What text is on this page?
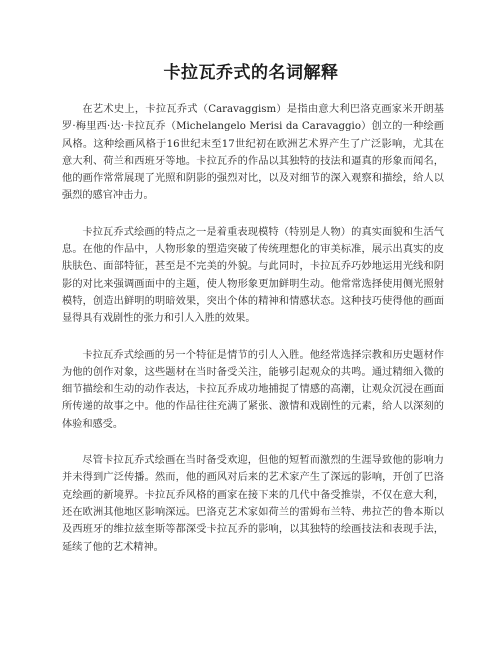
卡拉瓦乔式的名词解释

在艺术史上，卡拉瓦乔式（Caravaggism）是指由意大利巴洛克画家米开朗基罗·梅里西·达·卡拉瓦乔（Michelangelo Merisi da Caravaggio）创立的一种绘画风格。这种绘画风格于16世纪末至17世纪初在欧洲艺术界产生了广泛影响，尤其在意大利、荷兰和西班牙等地。卡拉瓦乔的作品以其独特的技法和逼真的形象而闻名，他的画作常常展现了光照和阴影的强烈对比，以及对细节的深入观察和描绘，给人以强烈的感官冲击力。

卡拉瓦乔式绘画的特点之一是着重表现模特（特别是人物）的真实面貌和生活气息。在他的作品中，人物形象的塑造突破了传统理想化的审美标准，展示出真实的皮肤肤色、面部特征，甚至是不完美的外貌。与此同时，卡拉瓦乔巧妙地运用光线和阴影的对比来强调画面中的主题，使人物形象更加鲜明生动。他常常选择使用侧光照射模特，创造出鲜明的明暗效果，突出个体的精神和情感状态。这种技巧使得他的画面显得具有戏剧性的张力和引人入胜的效果。

卡拉瓦乔式绘画的另一个特征是情节的引人入胜。他经常选择宗教和历史题材作为他的创作对象，这些题材在当时备受关注，能够引起观众的共鸣。通过精细入微的细节描绘和生动的动作表达，卡拉瓦乔成功地捕捉了情感的高潮，让观众沉浸在画面所传递的故事之中。他的作品往往充满了紧张、激情和戏剧性的元素，给人以深刻的体验和感受。

尽管卡拉瓦乔式绘画在当时备受欢迎，但他的短暂而激烈的生涯导致他的影响力并未得到广泛传播。然而，他的画风对后来的艺术家产生了深远的影响，开创了巴洛克绘画的新境界。卡拉瓦乔风格的画家在接下来的几代中备受推崇，不仅在意大利，还在欧洲其他地区影响深远。巴洛克艺术家如荷兰的雷姆布兰特、弗拉芒的鲁本斯以及西班牙的维拉兹奎斯等都深受卡拉瓦乔的影响，以其独特的绘画技法和表现手法，延续了他的艺术精神。
